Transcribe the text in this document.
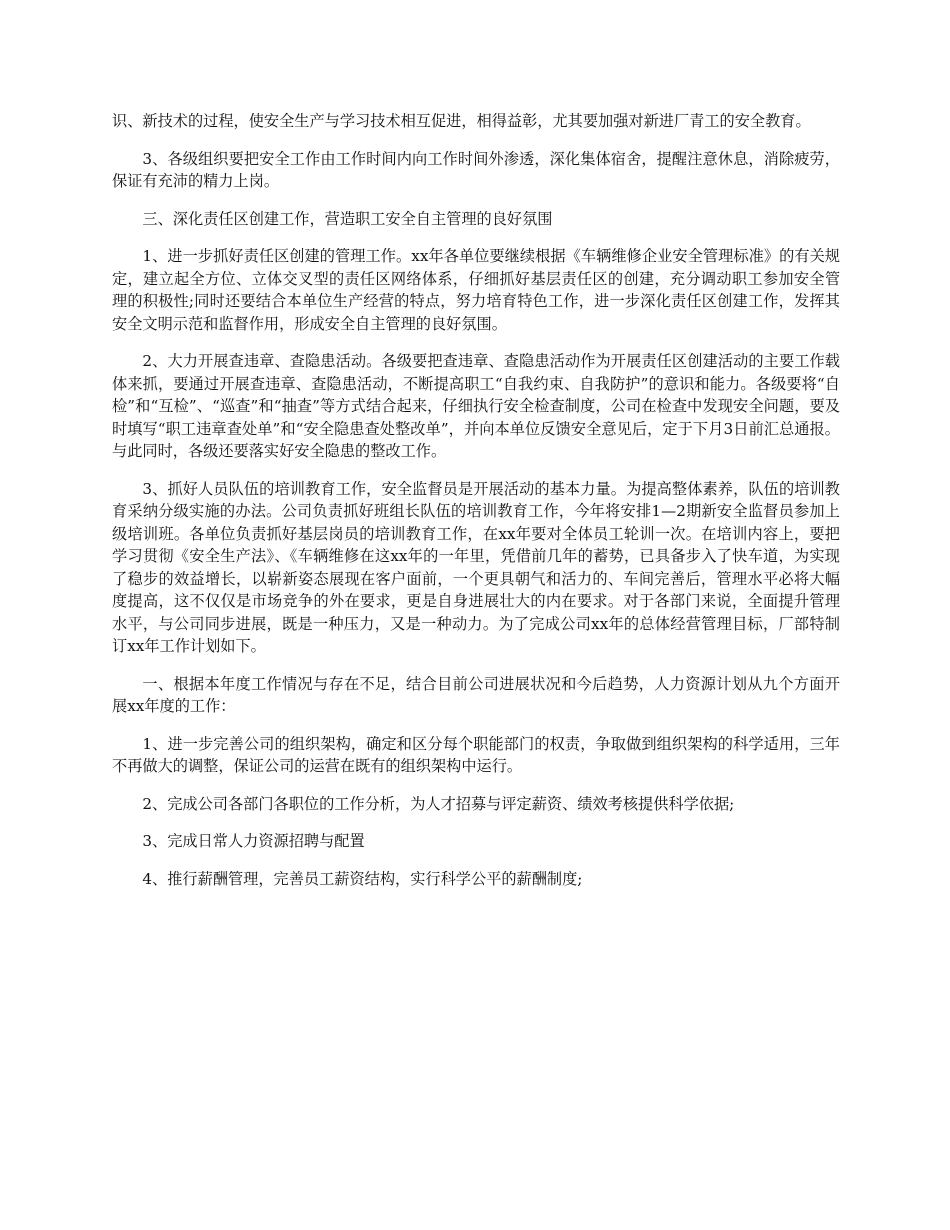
识、新技术的过程，使安全生产与学习技术相互促进，相得益彰，尤其要加强对新进厂青工的安全教育。

3、各级组织要把安全工作由工作时间内向工作时间外渗透，深化集体宿舍，提醒注意休息，消除疲劳，保证有充沛的精力上岗。

三、深化责任区创建工作，营造职工安全自主管理的良好氛围

1、进一步抓好责任区创建的管理工作。xx年各单位要继续根据《车辆维修企业安全管理标准》的有关规定，建立起全方位、立体交叉型的责任区网络体系，仔细抓好基层责任区的创建，充分调动职工参加安全管理的积极性;同时还要结合本单位生产经营的特点，努力培育特色工作，进一步深化责任区创建工作，发挥其安全文明示范和监督作用，形成安全自主管理的良好氛围。

2、大力开展查违章、查隐患活动。各级要把查违章、查隐患活动作为开展责任区创建活动的主要工作载体来抓，要通过开展查违章、查隐患活动，不断提高职工“自我约束、自我防护”的意识和能力。各级要将“自检”和“互检”、“巡查”和“抽查”等方式结合起来，仔细执行安全检查制度，公司在检查中发现安全问题，要及时填写“职工违章查处单”和“安全隐患查处整改单”，并向本单位反馈安全意见后，定于下月3日前汇总通报。与此同时，各级还要落实好安全隐患的整改工作。

3、抓好人员队伍的培训教育工作，安全监督员是开展活动的基本力量。为提高整体素养，队伍的培训教育采纳分级实施的办法。公司负责抓好班组长队伍的培训教育工作，今年将安排1—2期新安全监督员参加上级培训班。各单位负责抓好基层岗员的培训教育工作，在xx年要对全体员工轮训一次。在培训内容上，要把学习贯彻《安全生产法》、《车辆维修在这xx年的一年里，凭借前几年的蓄势，已具备步入了快车道，为实现了稳步的效益增长，以崭新姿态展现在客户面前，一个更具朝气和活力的、车间完善后，管理水平必将大幅度提高，这不仅仅是市场竞争的外在要求，更是自身进展壮大的内在要求。对于各部门来说，全面提升管理水平，与公司同步进展，既是一种压力，又是一种动力。为了完成公司xx年的总体经营管理目标，厂部特制订xx年工作计划如下。

一、根据本年度工作情况与存在不足，结合目前公司进展状况和今后趋势，人力资源计划从九个方面开展xx年度的工作：

1、进一步完善公司的组织架构，确定和区分每个职能部门的权责，争取做到组织架构的科学适用，三年不再做大的调整，保证公司的运营在既有的组织架构中运行。

2、完成公司各部门各职位的工作分析，为人才招募与评定薪资、绩效考核提供科学依据;

3、完成日常人力资源招聘与配置

4、推行薪酬管理，完善员工薪资结构，实行科学公平的薪酬制度;
